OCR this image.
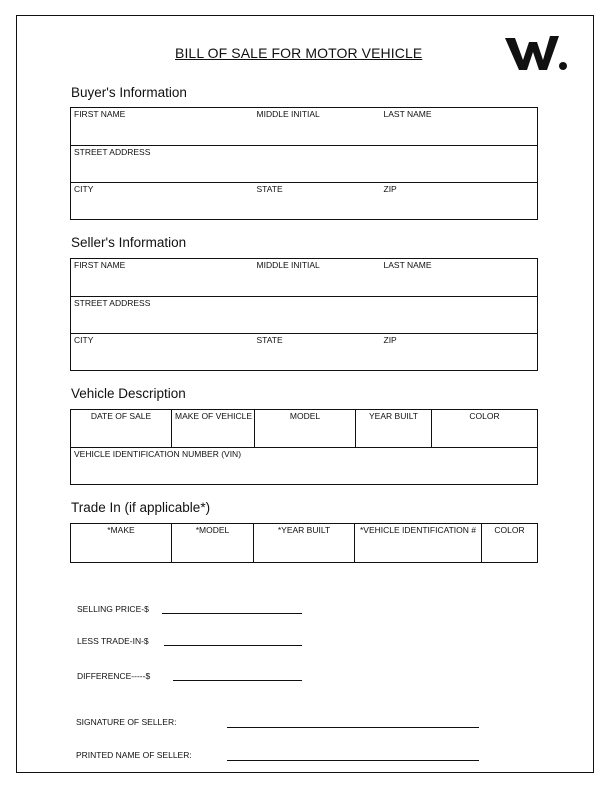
BILL OF SALE FOR MOTOR VEHICLE
Buyer's Information
FIRST NAME	MIDDLE INITIAL	LAST NAME

STREET ADDRESS		

CITY	STATE	ZIP
Seller's Information
FIRST NAME	MIDDLE INITIAL	LAST NAME

STREET ADDRESS		

CITY	STATE	ZIP
Vehicle Description
DATE OF SALE	MAKE OF VEHICLE	MODEL	YEAR BUILT	COLOR

VEHICLE IDENTIFICATION NUMBER (VIN)
Trade In (if applicable*)
*MAKE	*MODEL	*YEAR BUILT	*VEHICLE IDENTIFICATION #	COLOR
SELLING PRICE-$
LESS TRADE-IN-$
DIFFERENCE-----$
SIGNATURE OF SELLER:
PRINTED NAME OF SELLER:
